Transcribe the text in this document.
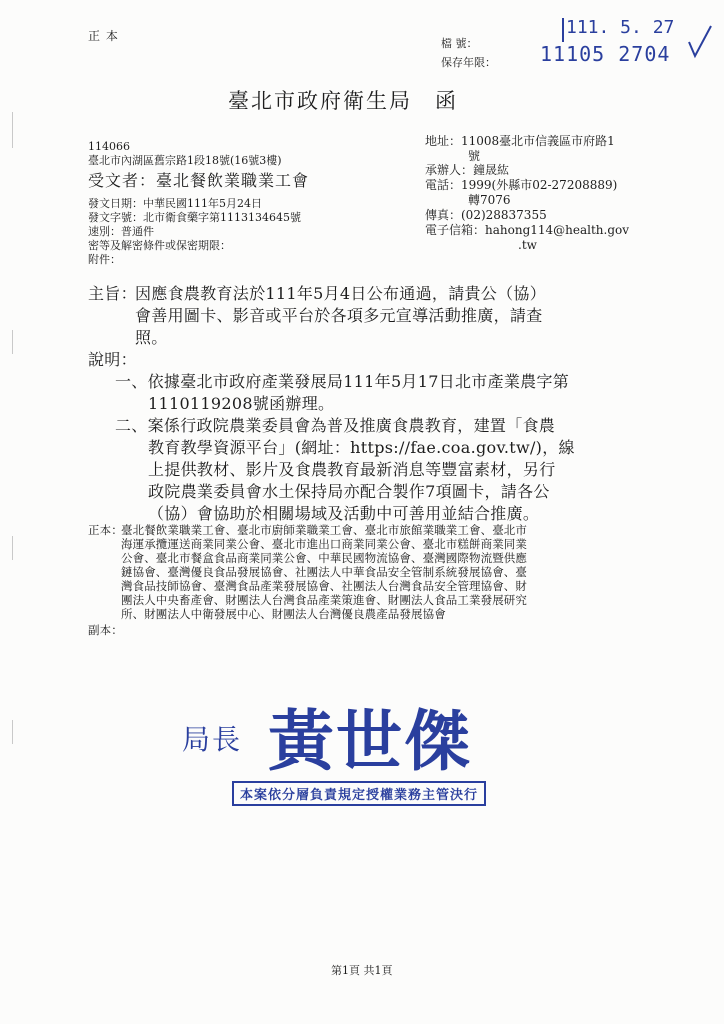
正 本
檔 號：
保存年限：
111. 5. 27
11105 2704
臺北市政府衛生局　函
114066
臺北市內湖區舊宗路1段18號(16號3樓)
受文者：臺北餐飲業職業工會
發文日期：中華民國111年5月24日
發文字號：北市衛食藥字第1113134645號
速別：普通件
密等及解密條件或保密期限：
附件：
地址：11008臺北市信義區市府路1
號
承辦人：鐘晟紘
電話：1999(外縣市02-27208889)
轉7076
傳真：(02)28837355
電子信箱：hahong114@health.gov
.tw
主旨：
因應食農教育法於111年5月4日公布通過，請貴公（協）
會善用圖卡、影音或平台於各項多元宣導活動推廣，請查
照。
說明：
一、依據臺北市政府產業發展局111年5月17日北市產業農字第
1110119208號函辦理。
二、案係行政院農業委員會為普及推廣食農教育，建置「食農
教育教學資源平台」(網址：https://fae.coa.gov.tw/)，線
上提供教材、影片及食農教育最新消息等豐富素材，另行
政院農業委員會水土保持局亦配合製作7項圖卡，請各公
（協）會協助於相關場域及活動中可善用並結合推廣。
正本：
臺北餐飲業職業工會、臺北市廚師業職業工會、臺北市旅館業職業工會、臺北市
海運承攬運送商業同業公會、臺北市進出口商業同業公會、臺北市糕餅商業同業
公會、臺北市餐盒食品商業同業公會、中華民國物流協會、臺灣國際物流暨供應
鏈協會、臺灣優良食品發展協會、社團法人中華食品安全管制系統發展協會、臺
灣食品技師協會、臺灣食品產業發展協會、社團法人台灣食品安全管理協會、財
團法人中央畜產會、財團法人台灣食品產業策進會、財團法人食品工業發展研究
所、財團法人中衛發展中心、財團法人台灣優良農產品發展協會
副本：
局長 黃世傑
本案依分層負責規定授權業務主管決行
第1頁 共1頁
